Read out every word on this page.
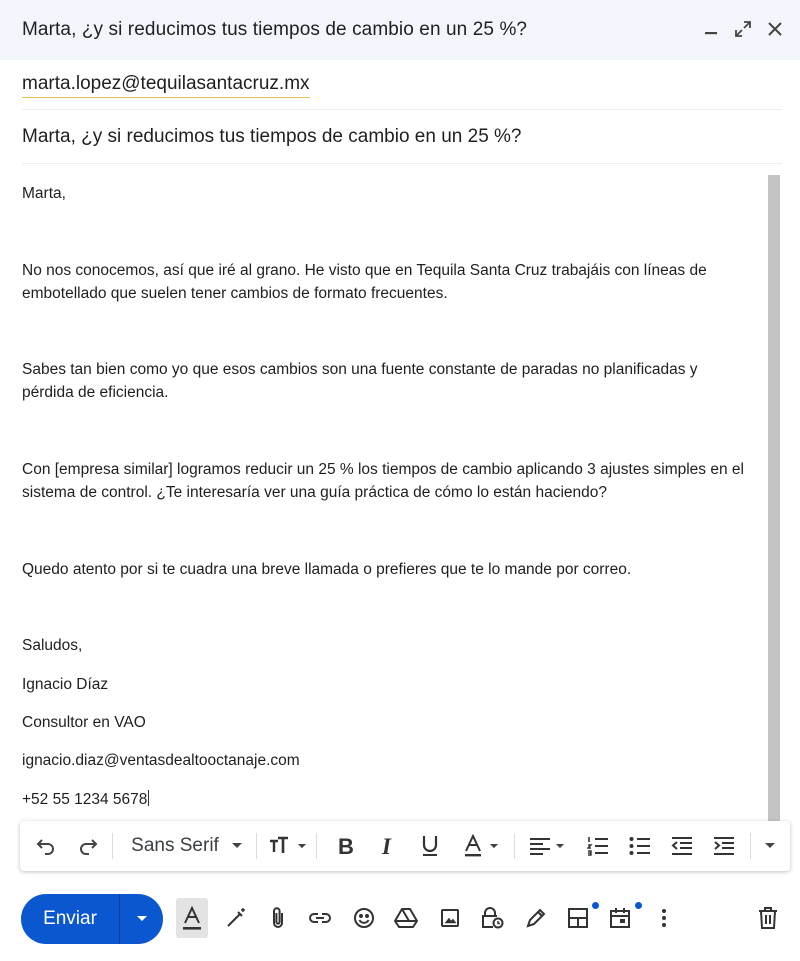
Marta, ¿y si reducimos tus tiempos de cambio en un 25 %?
marta.lopez@tequilasantacruz.mx
Marta, ¿y si reducimos tus tiempos de cambio en un 25 %?

Marta,

No nos conocemos, así que iré al grano. He visto que en Tequila Santa Cruz trabajáis con líneas de

embotellado que suelen tener cambios de formato frecuentes.

Sabes tan bien como yo que esos cambios son una fuente constante de paradas no planificadas y

pérdida de eficiencia.

Con [empresa similar] logramos reducir un 25 % los tiempos de cambio aplicando 3 ajustes simples en el

sistema de control. ¿Te interesaría ver una guía práctica de cómo lo están haciendo?

Quedo atento por si te cuadra una breve llamada o prefieres que te lo mande por correo.

Saludos,

Ignacio Díaz

Consultor en VAO

ignacio.diaz@ventasdealtooctanaje.com

+52 55 1234 5678

Sans Serif	B I
Enviar
